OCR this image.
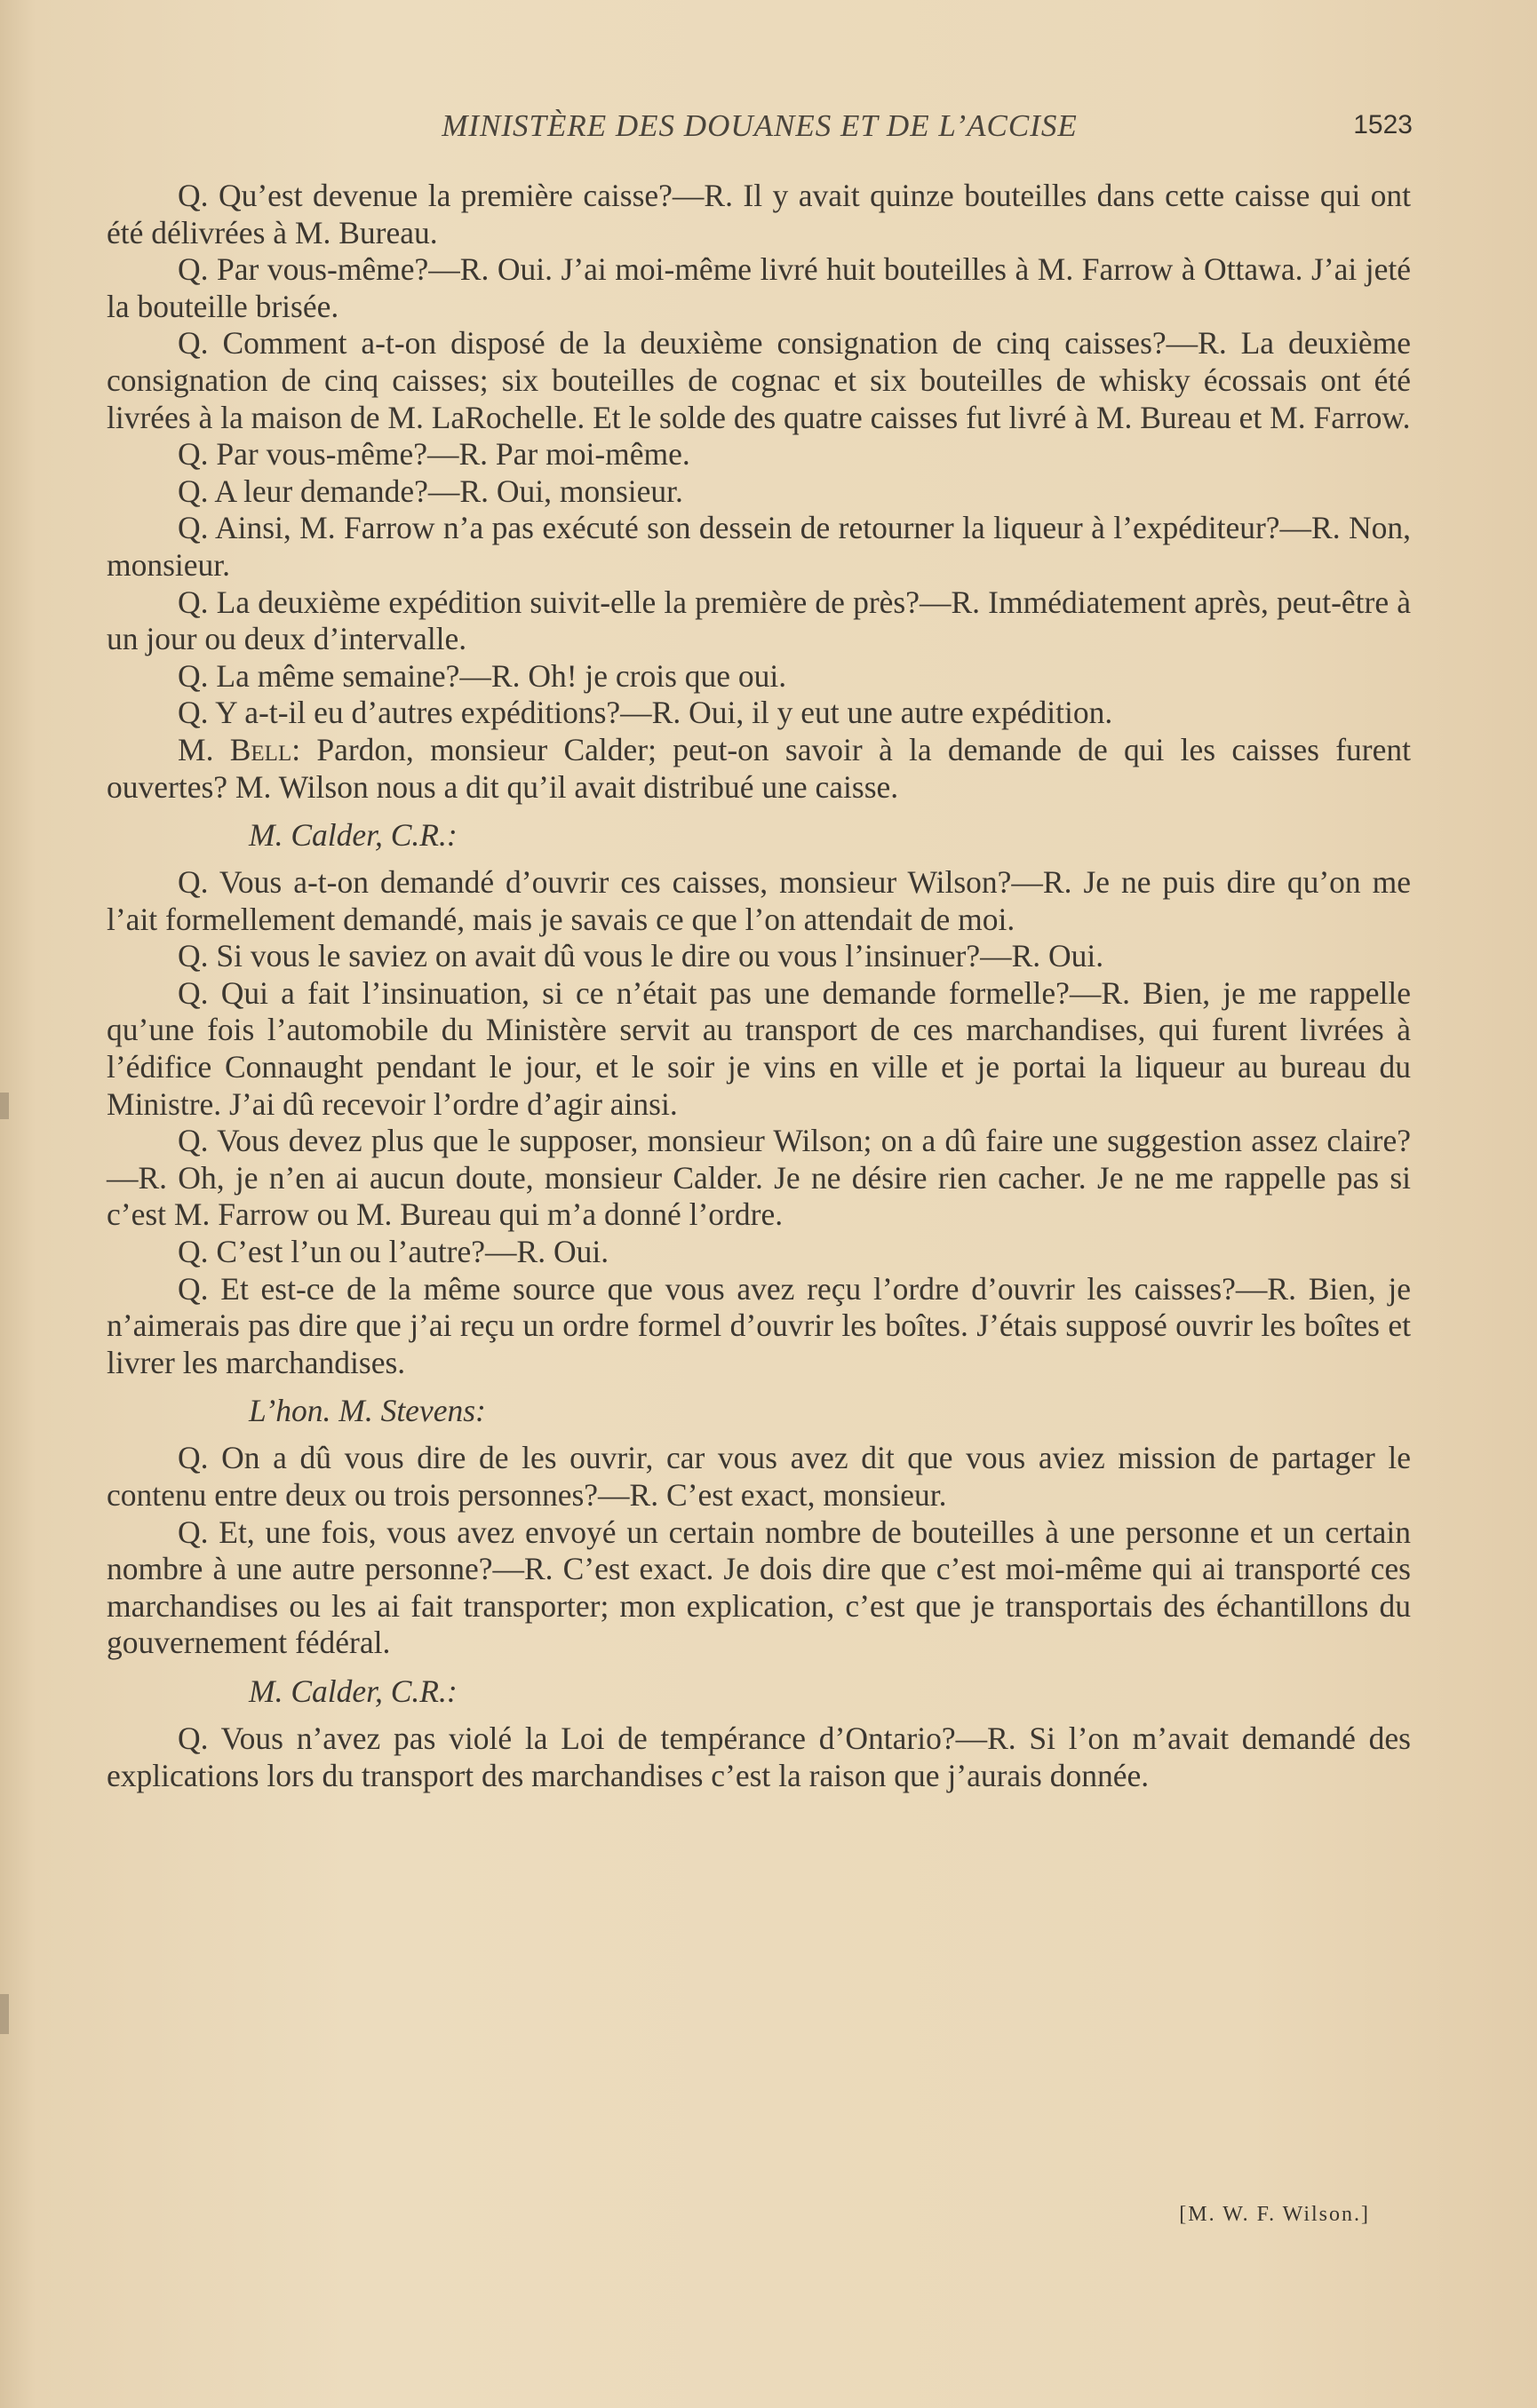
MINISTÈRE DES DOUANES ET DE L’ACCISE	1523

Q. Qu’est devenue la première caisse?—R. Il y avait quinze bouteilles dans cette caisse qui ont été délivrées à M. Bureau.

Q. Par vous-même?—R. Oui. J’ai moi-même livré huit bouteilles à M. Farrow à Ottawa. J’ai jeté la bouteille brisée.

Q. Comment a-t-on disposé de la deuxième consignation de cinq caisses?—R. La deuxième consignation de cinq caisses; six bouteilles de cognac et six bouteilles de whisky écossais ont été livrées à la maison de M. LaRochelle. Et le solde des quatre caisses fut livré à M. Bureau et M. Farrow.

Q. Par vous-même?—R. Par moi-même.

Q. A leur demande?—R. Oui, monsieur.

Q. Ainsi, M. Farrow n’a pas exécuté son dessein de retourner la liqueur à l’expéditeur?—R. Non, monsieur.

Q. La deuxième expédition suivit-elle la première de près?—R. Immédiatement après, peut-être à un jour ou deux d’intervalle.

Q. La même semaine?—R. Oh! je crois que oui.

Q. Y a-t-il eu d’autres expéditions?—R. Oui, il y eut une autre expédition.

M. Bell: Pardon, monsieur Calder; peut-on savoir à la demande de qui les caisses furent ouvertes? M. Wilson nous a dit qu’il avait distribué une caisse.

M. Calder, C.R.:

Q. Vous a-t-on demandé d’ouvrir ces caisses, monsieur Wilson?—R. Je ne puis dire qu’on me l’ait formellement demandé, mais je savais ce que l’on attendait de moi.

Q. Si vous le saviez on avait dû vous le dire ou vous l’insinuer?—R. Oui.

Q. Qui a fait l’insinuation, si ce n’était pas une demande formelle?—R. Bien, je me rappelle qu’une fois l’automobile du Ministère servit au transport de ces marchandises, qui furent livrées à l’édifice Connaught pendant le jour, et le soir je vins en ville et je portai la liqueur au bureau du Ministre. J’ai dû recevoir l’ordre d’agir ainsi.

Q. Vous devez plus que le supposer, monsieur Wilson; on a dû faire une suggestion assez claire?—R. Oh, je n’en ai aucun doute, monsieur Calder. Je ne désire rien cacher. Je ne me rappelle pas si c’est M. Farrow ou M. Bureau qui m’a donné l’ordre.

Q. C’est l’un ou l’autre?—R. Oui.

Q. Et est-ce de la même source que vous avez reçu l’ordre d’ouvrir les caisses?—R. Bien, je n’aimerais pas dire que j’ai reçu un ordre formel d’ouvrir les boîtes. J’étais supposé ouvrir les boîtes et livrer les marchandises.

L’hon. M. Stevens:

Q. On a dû vous dire de les ouvrir, car vous avez dit que vous aviez mission de partager le contenu entre deux ou trois personnes?—R. C’est exact, monsieur.

Q. Et, une fois, vous avez envoyé un certain nombre de bouteilles à une personne et un certain nombre à une autre personne?—R. C’est exact. Je dois dire que c’est moi-même qui ai transporté ces marchandises ou les ai fait transporter; mon explication, c’est que je transportais des échantillons du gouvernement fédéral.

M. Calder, C.R.:

Q. Vous n’avez pas violé la Loi de tempérance d’Ontario?—R. Si l’on m’avait demandé des explications lors du transport des marchandises c’est la raison que j’aurais donnée.

[M. W. F. Wilson.]
